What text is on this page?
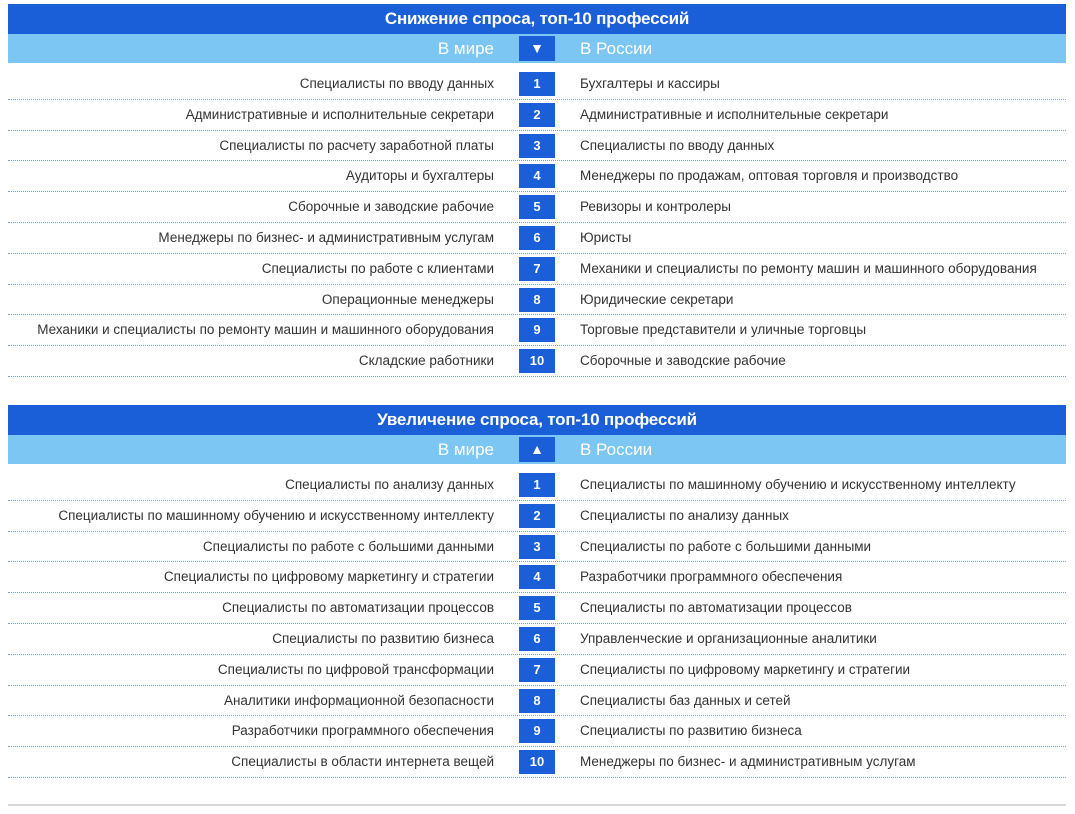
Снижение спроса, топ-10 профессий
В мире	▼	В России
Специалисты по вводу данных	1	Бухгалтеры и кассиры
Административные и исполнительные секретари	2	Административные и исполнительные секретари
Специалисты по расчету заработной платы	3	Специалисты по вводу данных
Аудиторы и бухгалтеры	4	Менеджеры по продажам, оптовая торговля и производство
Сборочные и заводские рабочие	5	Ревизоры и контролеры
Менеджеры по бизнес- и административным услугам	6	Юристы
Специалисты по работе с клиентами	7	Механики и специалисты по ремонту машин и машинного оборудования
Операционные менеджеры	8	Юридические секретари
Механики и специалисты по ремонту машин и машинного оборудования	9	Торговые представители и уличные торговцы
Складские работники	10	Сборочные и заводские рабочие
Увеличение спроса, топ-10 профессий
В мире	▲	В России
Специалисты по анализу данных	1	Специалисты по машинному обучению и искусственному интеллекту
Специалисты по машинному обучению и искусственному интеллекту	2	Специалисты по анализу данных
Специалисты по работе с большими данными	3	Специалисты по работе с большими данными
Специалисты по цифровому маркетингу и стратегии	4	Разработчики программного обеспечения
Специалисты по автоматизации процессов	5	Специалисты по автоматизации процессов
Специалисты по развитию бизнеса	6	Управленческие и организационные аналитики
Специалисты по цифровой трансформации	7	Специалисты по цифровому маркетингу и стратегии
Аналитики информационной безопасности	8	Специалисты баз данных и сетей
Разработчики программного обеспечения	9	Специалисты по развитию бизнеса
Специалисты в области интернета вещей	10	Менеджеры по бизнес- и административным услугам
